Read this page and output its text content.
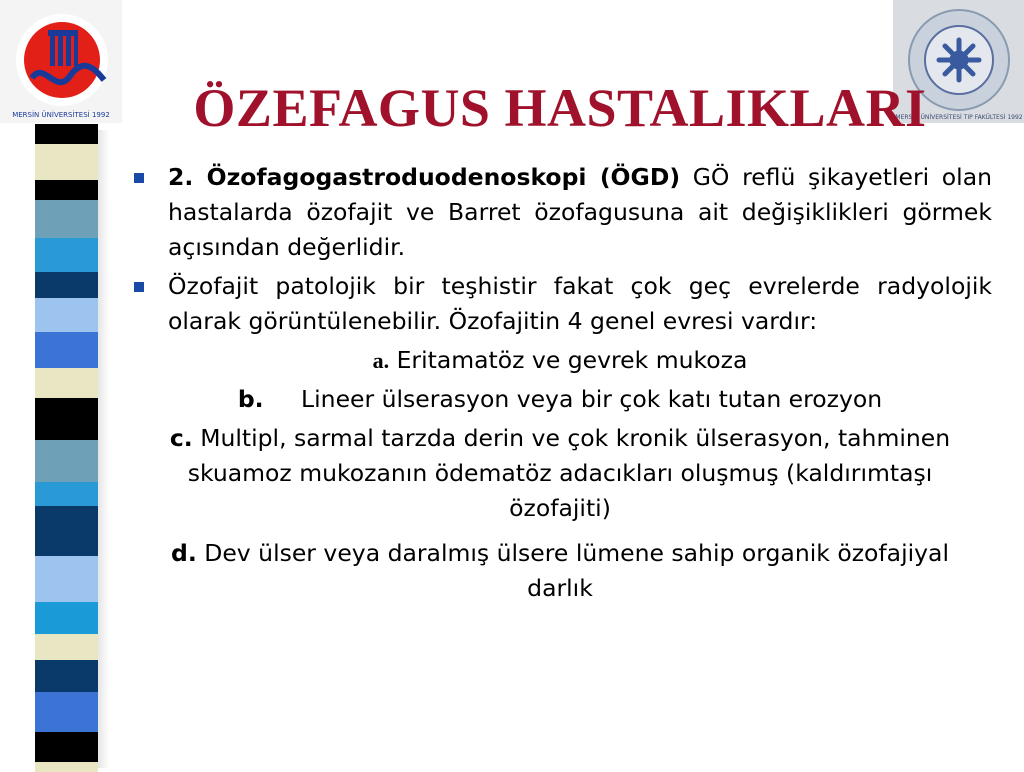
MERSİN ÜNİVERSİTESİ 1992	MERSİN ÜNİVERSİTESİ TIP FAKÜLTESİ 1992
ÖZEFAGUS HASTALIKLARI
2. Özofagogastroduodenoskopi (ÖGD) GÖ reflü şikayetleri olan hastalarda özofajit ve Barret özofagusuna ait değişiklikleri görmek açısından değerlidir.
Özofajit patolojik bir teşhistir fakat çok geç evrelerde radyolojik olarak görüntülenebilir. Özofajitin 4 genel evresi vardır:
a. Eritamatöz ve gevrek mukoza
b. Lineer ülserasyon veya bir çok katı tutan erozyon
c. Multipl, sarmal tarzda derin ve çok kronik ülserasyon, tahminen skuamoz mukozanın ödematöz adacıkları oluşmuş (kaldırımtaşı özofajiti)
d. Dev ülser veya daralmış ülsere lümene sahip organik özofajiyal darlık
